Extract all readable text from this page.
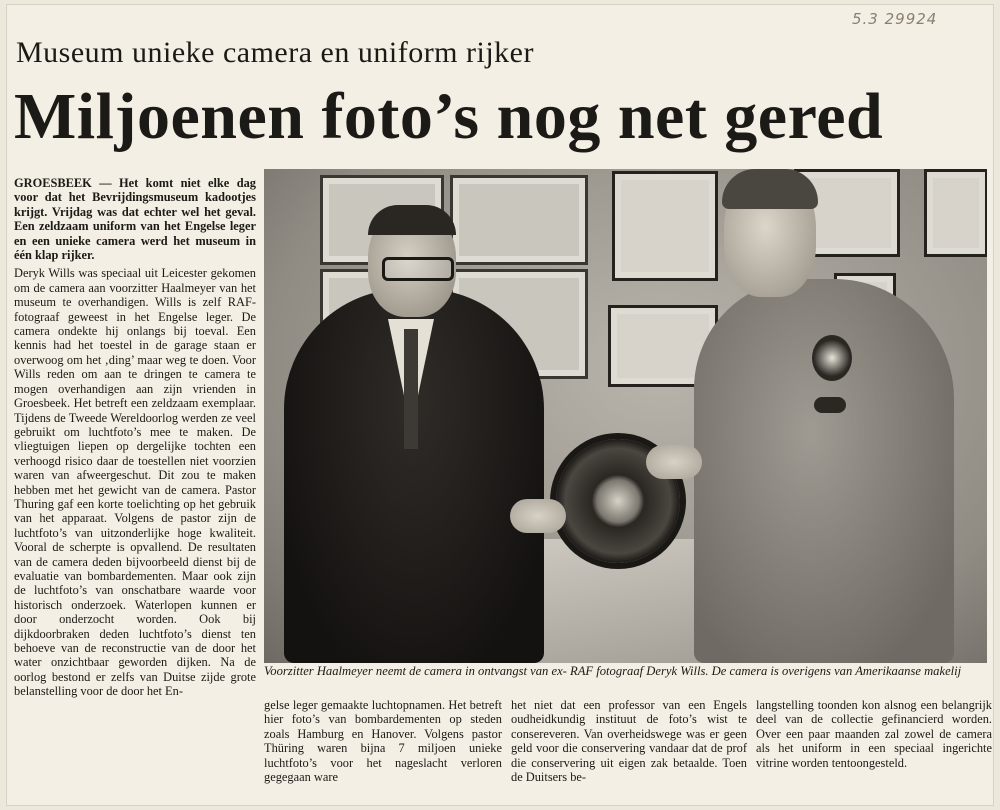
5.3 29924
Museum unieke camera en uniform rijker
Miljoenen foto’s nog net gered

GROESBEEK — Het komt niet elke dag voor dat het Bevrijdingsmuseum kadootjes krijgt. Vrijdag was dat echter wel het geval. Een zeldzaam uniform van het Engelse leger en een unieke camera werd het museum in één klap rijker.

Deryk Wills was speciaal uit Leicester gekomen om de camera aan voorzitter Haalmeyer van het museum te overhandigen. Wills is zelf RAF-fotograaf geweest in het Engelse leger. De camera ondekte hij onlangs bij toeval. Een kennis had het toestel in de garage staan er overwoog om het ‚ding’ maar weg te doen. Voor Wills reden om aan te dringen te camera te mogen overhandigen aan zijn vrienden in Groesbeek. Het betreft een zeldzaam exemplaar. Tijdens de Tweede Wereldoorlog werden ze veel gebruikt om luchtfoto’s mee te maken. De vliegtuigen liepen op dergelijke tochten een verhoogd risico daar de toestellen niet voorzien waren van afweergeschut. Dit zou te maken hebben met het gewicht van de camera. Pastor Thuring gaf een korte toelichting op het gebruik van het apparaat. Volgens de pastor zijn de luchtfoto’s van uitzonderlijke hoge kwaliteit. Vooral de scherpte is opvallend. De resultaten van de camera deden bijvoorbeeld dienst bij de evaluatie van bombardementen. Maar ook zijn de luchtfoto’s van onschatbare waarde voor historisch onderzoek. Waterlopen kunnen er door onderzocht worden. Ook bij dijkdoorbraken deden luchtfoto’s dienst ten behoeve van de reconstructie van de door het water onzichtbaar geworden dijken. Na de oorlog bestond er zelfs van Duitse zijde grote belanstelling voor de door het En-

Voorzitter Haalmeyer neemt de camera in ontvangst van ex- RAF fotograaf Deryk Wills. De camera is overigens van Amerikaanse makelij

gelse leger gemaakte luchtopnamen. Het betreft hier foto’s van bombardementen op steden zoals Hamburg en Hanover. Volgens pastor Thüring waren bijna 7 miljoen unieke luchtfoto’s voor het nageslacht verloren gegegaan ware

het niet dat een professor van een Engels oudheidkundig instituut de foto’s wist te consereveren. Van overheidswege was er geen geld voor die conservering vandaar dat de prof die conservering uit eigen zak betaalde. Toen de Duitsers be-

langstelling toonden kon alsnog een belangrijk deel van de collectie gefinancierd worden. Over een paar maanden zal zowel de camera als het uniform in een speciaal ingerichte vitrine worden tentoongesteld.
